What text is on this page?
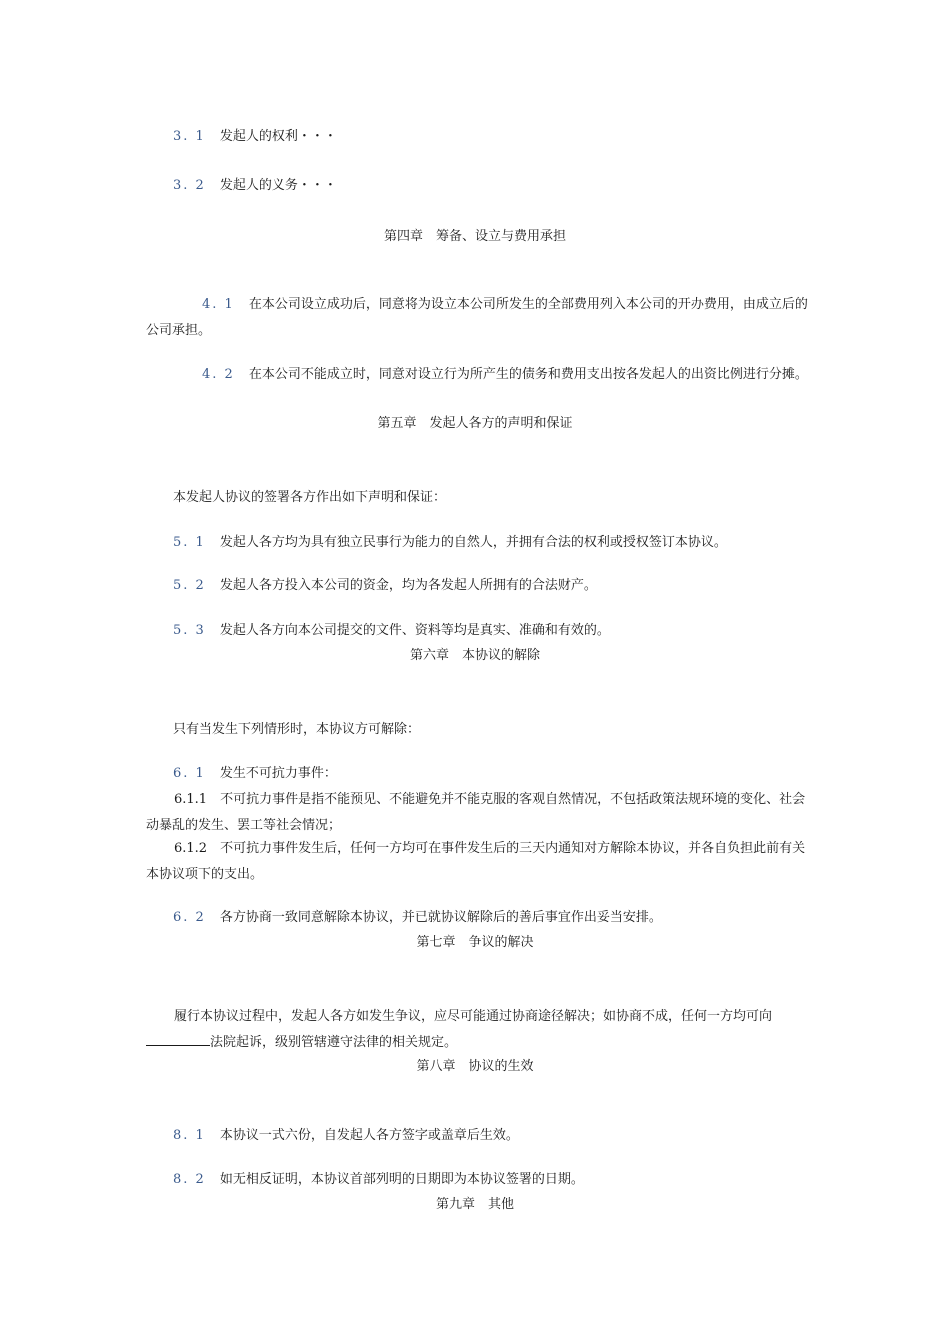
3. 1 发起人的权利・・・
3. 2 发起人的义务・・・
第四章　筹备、设立与费用承担
4. 1 在本公司设立成功后，同意将为设立本公司所发生的全部费用列入本公司的开办费用，由成立后的公司承担。
4. 2 在本公司不能成立时，同意对设立行为所产生的债务和费用支出按各发起人的出资比例进行分摊。
第五章　发起人各方的声明和保证
本发起人协议的签署各方作出如下声明和保证：
5. 1 发起人各方均为具有独立民事行为能力的自然人，并拥有合法的权利或授权签订本协议。
5. 2 发起人各方投入本公司的资金，均为各发起人所拥有的合法财产。
5. 3 发起人各方向本公司提交的文件、资料等均是真实、准确和有效的。
第六章　本协议的解除
只有当发生下列情形时，本协议方可解除：
6. 1 发生不可抗力事件：
6.1.1　不可抗力事件是指不能预见、不能避免并不能克服的客观自然情况，不包括政策法规环境的变化、社会动暴乱的发生、罢工等社会情况；
6.1.2　不可抗力事件发生后，任何一方均可在事件发生后的三天内通知对方解除本协议，并各自负担此前有关本协议项下的支出。
6. 2 各方协商一致同意解除本协议，并已就协议解除后的善后事宜作出妥当安排。
第七章　争议的解决
履行本协议过程中，发起人各方如发生争议，应尽可能通过协商途径解决；如协商不成，任何一方均可向法院起诉，级别管辖遵守法律的相关规定。
第八章　协议的生效
8. 1 本协议一式六份，自发起人各方签字或盖章后生效。
8. 2 如无相反证明，本协议首部列明的日期即为本协议签署的日期。
第九章　其他
